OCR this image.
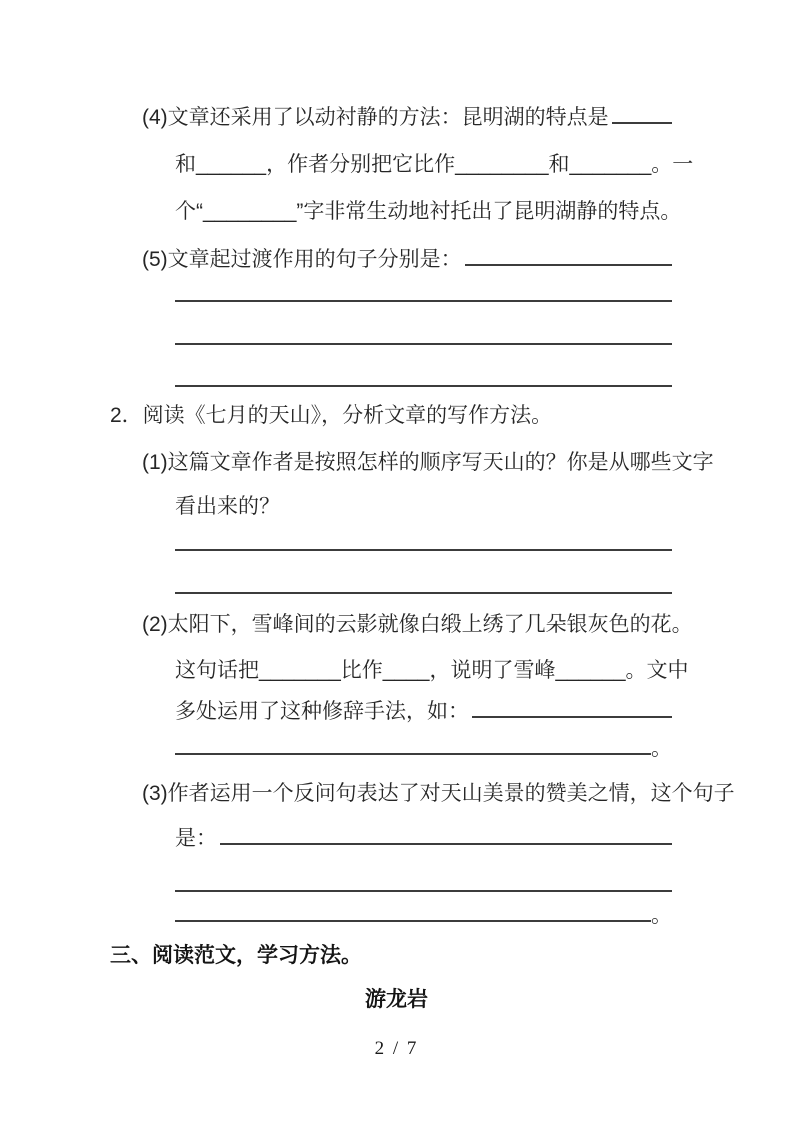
(4)文章还采用了以动衬静的方法：昆明湖的特点是
和______，作者分别把它比作________和_______。一
个“________”字非常生动地衬托出了昆明湖静的特点。
(5)文章起过渡作用的句子分别是：
2．阅读《七月的天山》，分析文章的写作方法。
(1)这篇文章作者是按照怎样的顺序写天山的？你是从哪些文字
看出来的？
(2)太阳下，雪峰间的云影就像白缎上绣了几朵银灰色的花。
这句话把_______比作____，说明了雪峰______。文中
多处运用了这种修辞手法，如：
。
(3)作者运用一个反问句表达了对天山美景的赞美之情，这个句子
是：
。
三、阅读范文，学习方法。
游龙岩
2 / 7
